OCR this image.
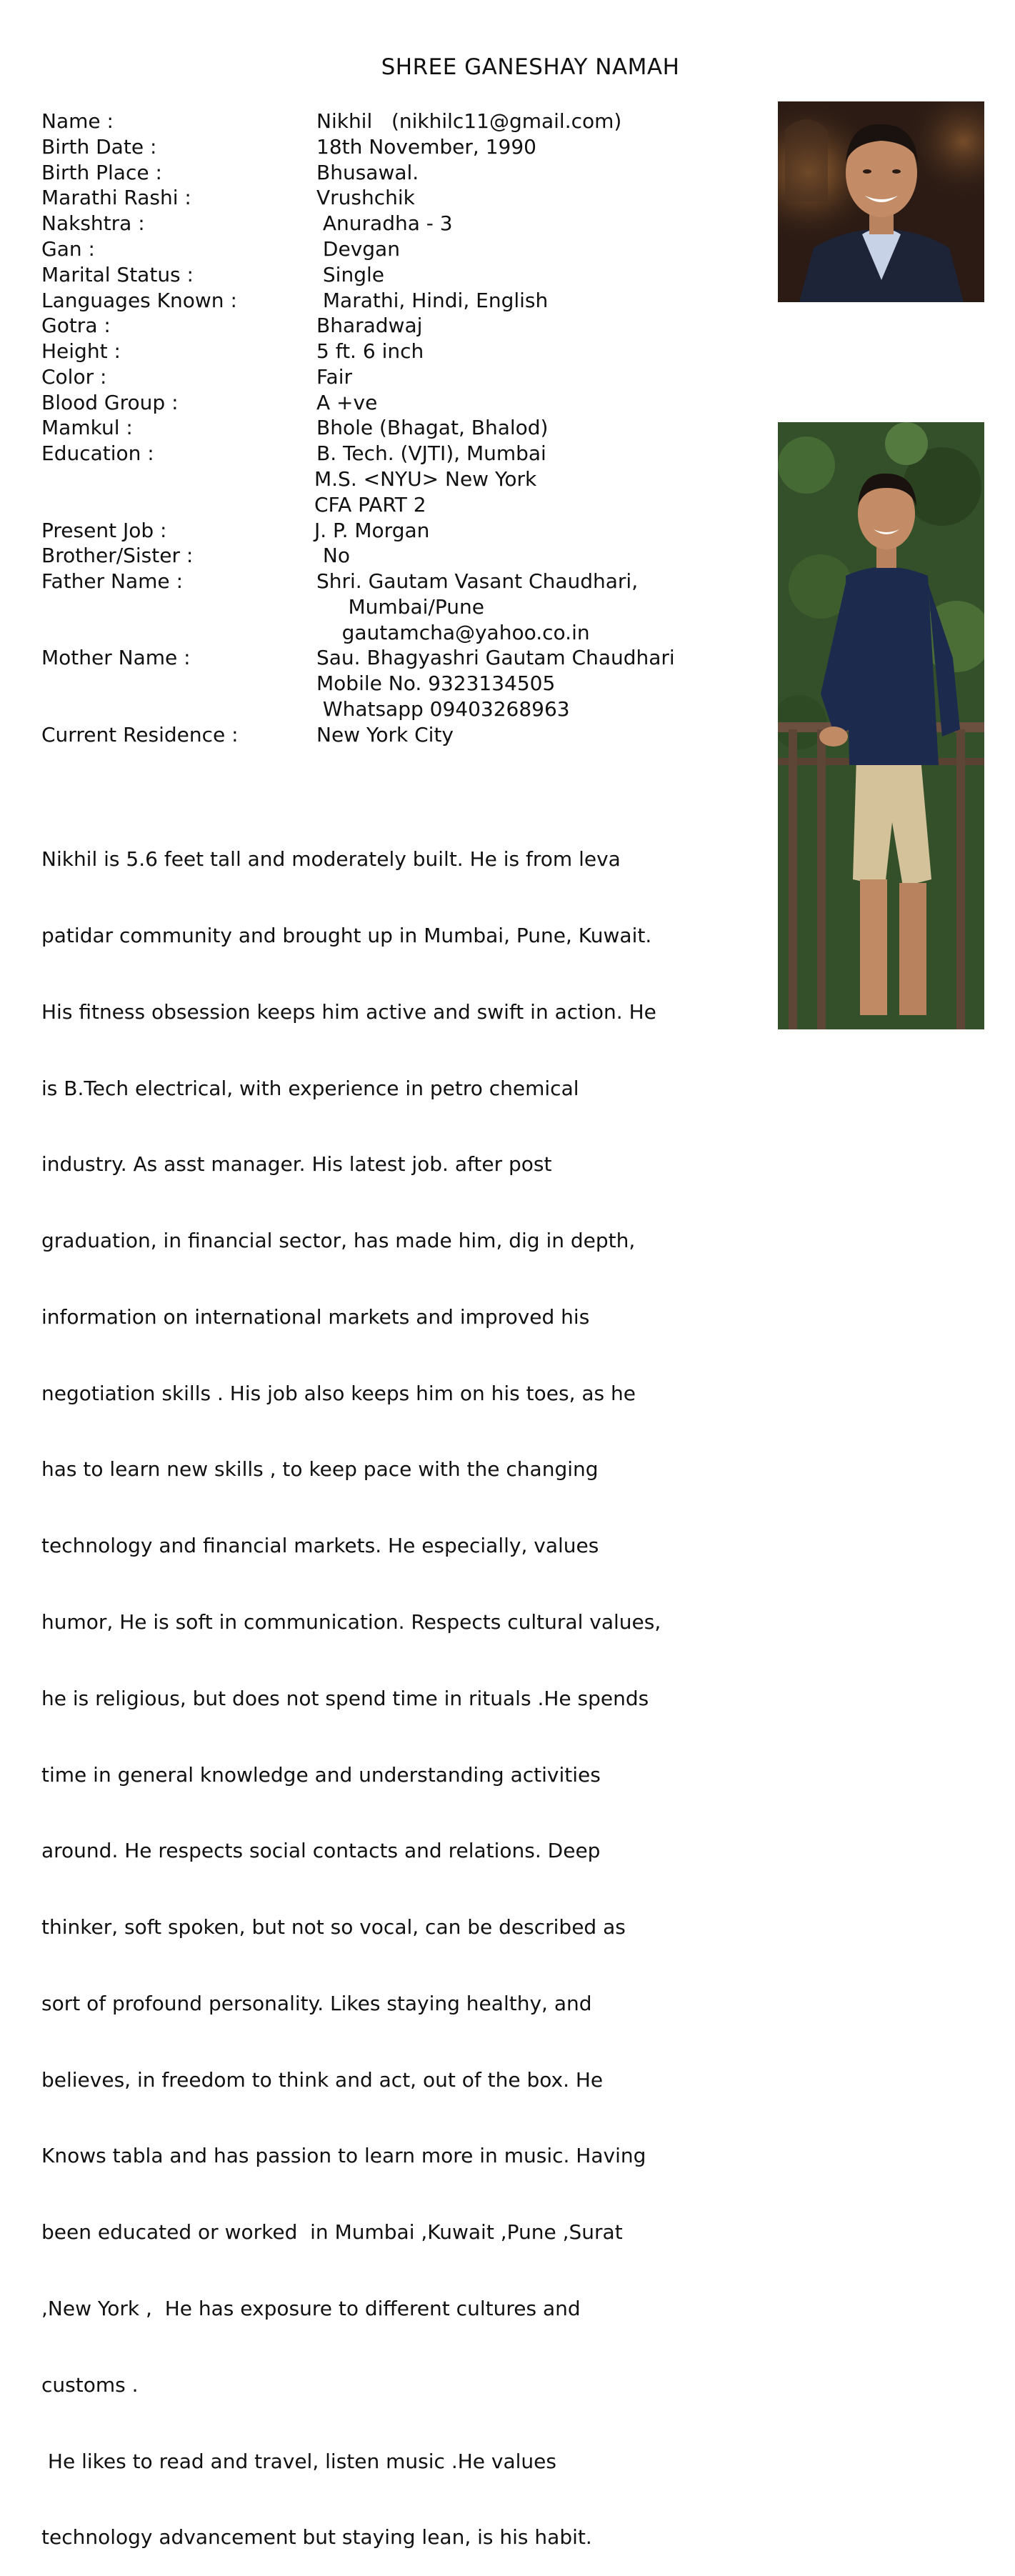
SHREE GANESHAY NAMAH

Name :

	Nikhil   (nikhilc11@gmail.com)

Birth Date :

	18th November, 1990

Birth Place :

	Bhusawal.

Marathi Rashi :

	Vrushchik

Nakshtra :

	Anuradha - 3

Gan :

	Devgan

Marital Status :

	Single

Languages Known :

	Marathi, Hindi, English

Gotra :

	Bharadwaj

Height :

	5 ft. 6 inch

Color :

	Fair

Blood Group :

	A +ve

Mamkul :

	Bhole (Bhagat, Bhalod)

Education :

	B. Tech. (VJTI), Mumbai

M.S. <NYU> New York

CFA PART 2

Present Job :

	J. P. Morgan

Brother/Sister :

	No

Father Name :

	Shri. Gautam Vasant Chaudhari,

Mumbai/Pune

gautamcha@yahoo.co.in

Mother Name :

	Sau. Bhagyashri Gautam Chaudhari

Mobile No. 9323134505

Whatsapp 09403268963

Current Residence :

	New York City

Nikhil is 5.6 feet tall and moderately built. He is from leva

patidar community and brought up in Mumbai, Pune, Kuwait.

His fitness obsession keeps him active and swift in action. He

is B.Tech electrical, with experience in petro chemical

industry. As asst manager. His latest job. after post

graduation, in financial sector, has made him, dig in depth,

information on international markets and improved his

negotiation skills . His job also keeps him on his toes, as he

has to learn new skills , to keep pace with the changing

technology and financial markets. He especially, values

humor, He is soft in communication. Respects cultural values,

he is religious, but does not spend time in rituals .He spends

time in general knowledge and understanding activities

around. He respects social contacts and relations. Deep

thinker, soft spoken, but not so vocal, can be described as

sort of profound personality. Likes staying healthy, and

believes, in freedom to think and act, out of the box. He

Knows tabla and has passion to learn more in music. Having

been educated or worked  in Mumbai ,Kuwait ,Pune ,Surat

,New York ,  He has exposure to different cultures and

customs .

He likes to read and travel, listen music .He values

technology advancement but staying lean, is his habit.
